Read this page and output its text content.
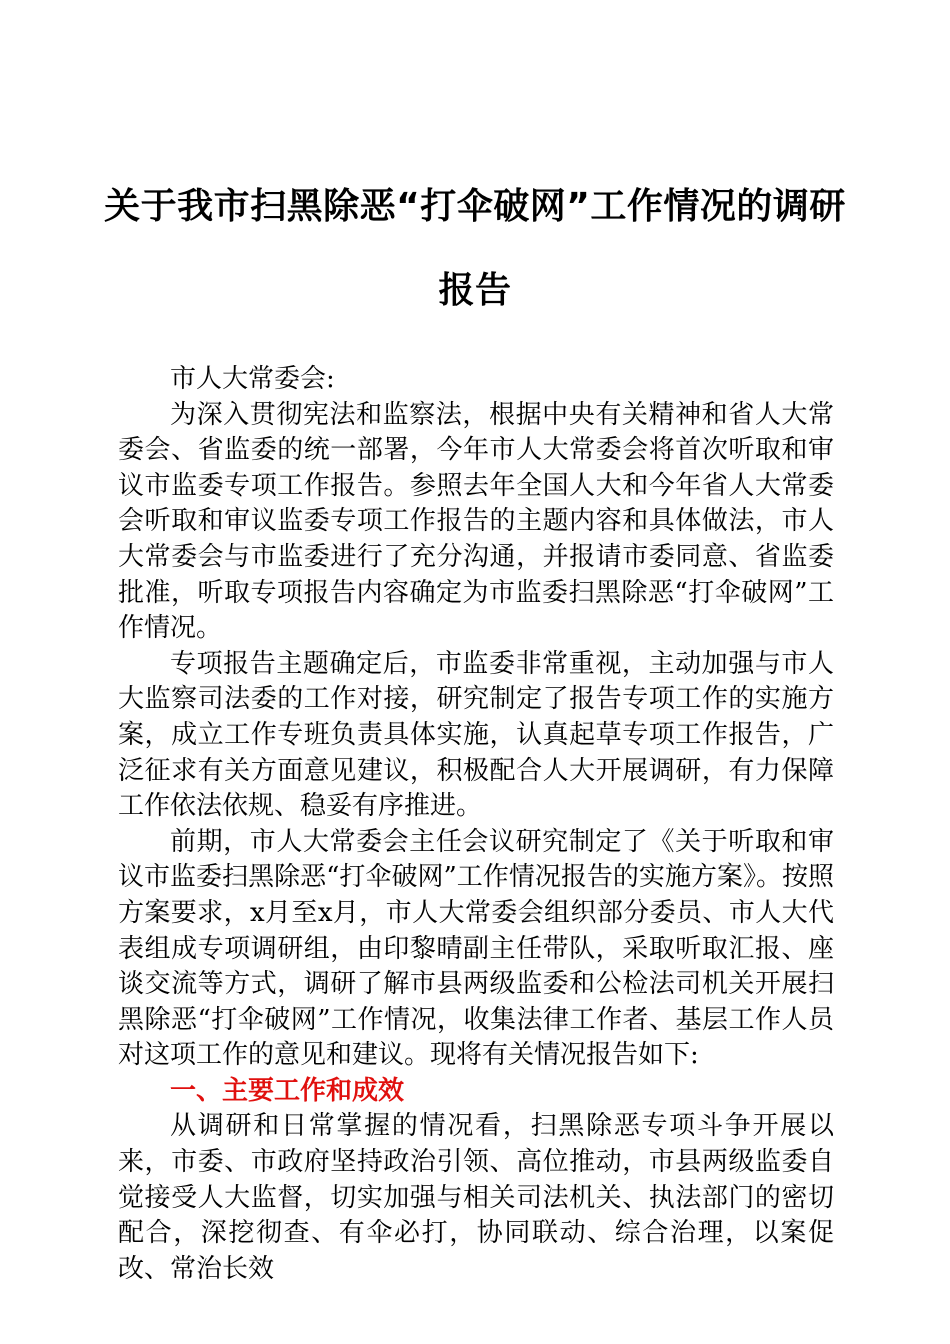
关于我市扫黑除恶“打伞破网”工作情况的调研报告

市人大常委会:

为深入贯彻宪法和监察法，根据中央有关精神和省人大常委会、省监委的统一部署，今年市人大常委会将首次听取和审议市监委专项工作报告。参照去年全国人大和今年省人大常委会听取和审议监委专项工作报告的主题内容和具体做法，市人大常委会与市监委进行了充分沟通，并报请市委同意、省监委批准，听取专项报告内容确定为市监委扫黑除恶“打伞破网”工作情况。

专项报告主题确定后，市监委非常重视，主动加强与市人大监察司法委的工作对接，研究制定了报告专项工作的实施方案，成立工作专班负责具体实施，认真起草专项工作报告，广泛征求有关方面意见建议，积极配合人大开展调研，有力保障工作依法依规、稳妥有序推进。

前期，市人大常委会主任会议研究制定了《关于听取和审议市监委扫黑除恶“打伞破网”工作情况报告的实施方案》。按照方案要求，x月至x月，市人大常委会组织部分委员、市人大代表组成专项调研组，由印黎晴副主任带队，采取听取汇报、座谈交流等方式，调研了解市县两级监委和公检法司机关开展扫黑除恶“打伞破网”工作情况，收集法律工作者、基层工作人员对这项工作的意见和建议。现将有关情况报告如下:

一、主要工作和成效

从调研和日常掌握的情况看，扫黑除恶专项斗争开展以来，市委、市政府坚持政治引领、高位推动，市县两级监委自觉接受人大监督，切实加强与相关司法机关、执法部门的密切配合，深挖彻查、有伞必打，协同联动、综合治理，以案促改、常治长效
